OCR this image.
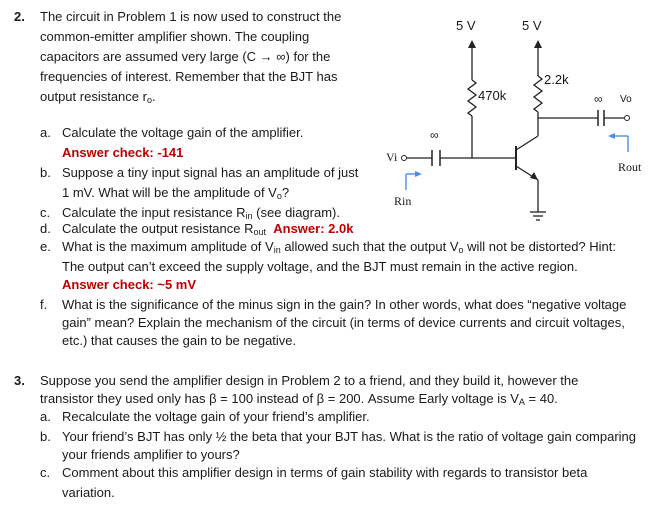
2. The circuit in Problem 1 is now used to construct the
common-emitter amplifier shown. The coupling
capacitors are assumed very large (C → ∞) for the
frequencies of interest. Remember that the BJT has
output resistance $r_o$.
a. Calculate the voltage gain of the amplifier.
Answer check: -141
b. Suppose a tiny input signal has an amplitude of just
1 mV. What will be the amplitude of $V_o$?
c. Calculate the input resistance $R_{in}$ (see diagram).
d. Calculate the output resistance $R_{out}$ Answer: 2.0k
e. What is the maximum amplitude of $V_{in}$ allowed such that the output $V_o$ will not be distorted? Hint:
The output can’t exceed the supply voltage, and the BJT must remain in the active region.
Answer check: ~5 mV
f. What is the significance of the minus sign in the gain? In other words, what does “negative voltage
gain” mean? Explain the mechanism of the circuit (in terms of device currents and circuit voltages,
etc.) that causes the gain to be negative.
3. Suppose you send the amplifier design in Problem 2 to a friend, and they build it, however the
transistor they used only has β = 100 instead of β = 200. Assume Early voltage is $V_A = 40$.
a. Recalculate the voltage gain of your friend’s amplifier.
b. Your friend’s BJT has only ½ the beta that your BJT has. What is the ratio of voltage gain comparing
your friends amplifier to yours?
c. Comment about this amplifier design in terms of gain stability with regards to transistor beta
variation.
5 V	5 V
470k
2.2k
∞
∞
Vo
Vi
Rin
Rout
